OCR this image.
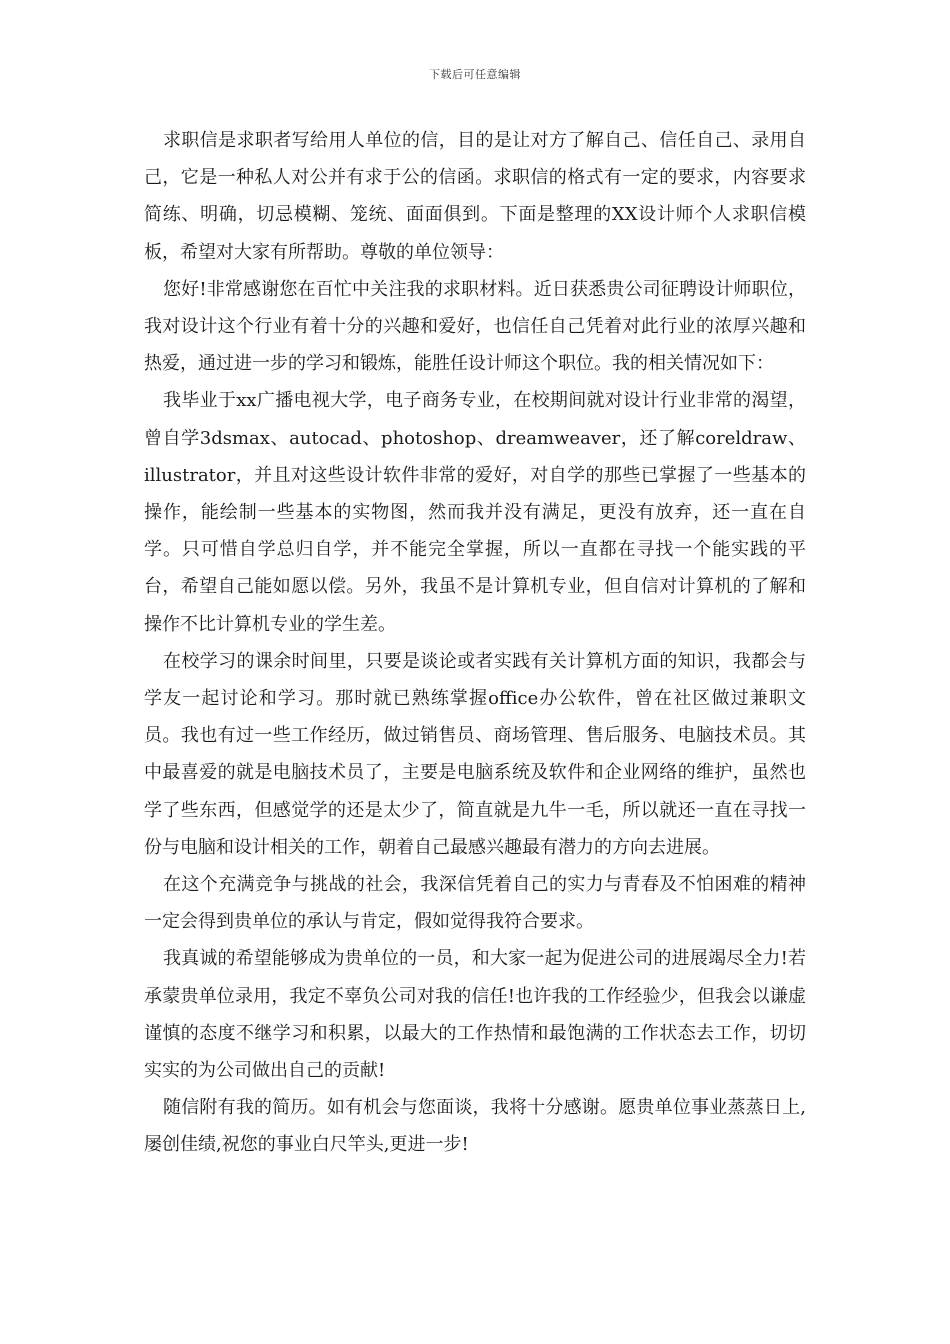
下载后可任意编辑

求职信是求职者写给用人单位的信，目的是让对方了解自己、信任自己、录用自己，它是一种私人对公并有求于公的信函。求职信的格式有一定的要求，内容要求简练、明确，切忌模糊、笼统、面面俱到。下面是整理的XX设计师个人求职信模板，希望对大家有所帮助。尊敬的单位领导：

您好!非常感谢您在百忙中关注我的求职材料。近日获悉贵公司征聘设计师职位，我对设计这个行业有着十分的兴趣和爱好，也信任自己凭着对此行业的浓厚兴趣和热爱，通过进一步的学习和锻炼，能胜任设计师这个职位。我的相关情况如下：

我毕业于xx广播电视大学，电子商务专业，在校期间就对设计行业非常的渴望，曾自学3dsmax、autocad、photoshop、dreamweaver，还了解coreldraw、illustrator，并且对这些设计软件非常的爱好，对自学的那些已掌握了一些基本的操作，能绘制一些基本的实物图，然而我并没有满足，更没有放弃，还一直在自学。只可惜自学总归自学，并不能完全掌握，所以一直都在寻找一个能实践的平台，希望自己能如愿以偿。另外，我虽不是计算机专业，但自信对计算机的了解和操作不比计算机专业的学生差。

在校学习的课余时间里，只要是谈论或者实践有关计算机方面的知识，我都会与学友一起讨论和学习。那时就已熟练掌握office办公软件，曾在社区做过兼职文员。我也有过一些工作经历，做过销售员、商场管理、售后服务、电脑技术员。其中最喜爱的就是电脑技术员了，主要是电脑系统及软件和企业网络的维护，虽然也学了些东西，但感觉学的还是太少了，简直就是九牛一毛，所以就还一直在寻找一份与电脑和设计相关的工作，朝着自己最感兴趣最有潜力的方向去进展。

在这个充满竞争与挑战的社会，我深信凭着自己的实力与青春及不怕困难的精神一定会得到贵单位的承认与肯定，假如觉得我符合要求。

我真诚的希望能够成为贵单位的一员，和大家一起为促进公司的进展竭尽全力!若承蒙贵单位录用，我定不辜负公司对我的信任!也许我的工作经验少，但我会以谦虚谨慎的态度不继学习和积累，以最大的工作热情和最饱满的工作状态去工作，切切实实的为公司做出自己的贡献!

随信附有我的简历。如有机会与您面谈，我将十分感谢。愿贵单位事业蒸蒸日上,屡创佳绩,祝您的事业白尺竿头,更进一步!
